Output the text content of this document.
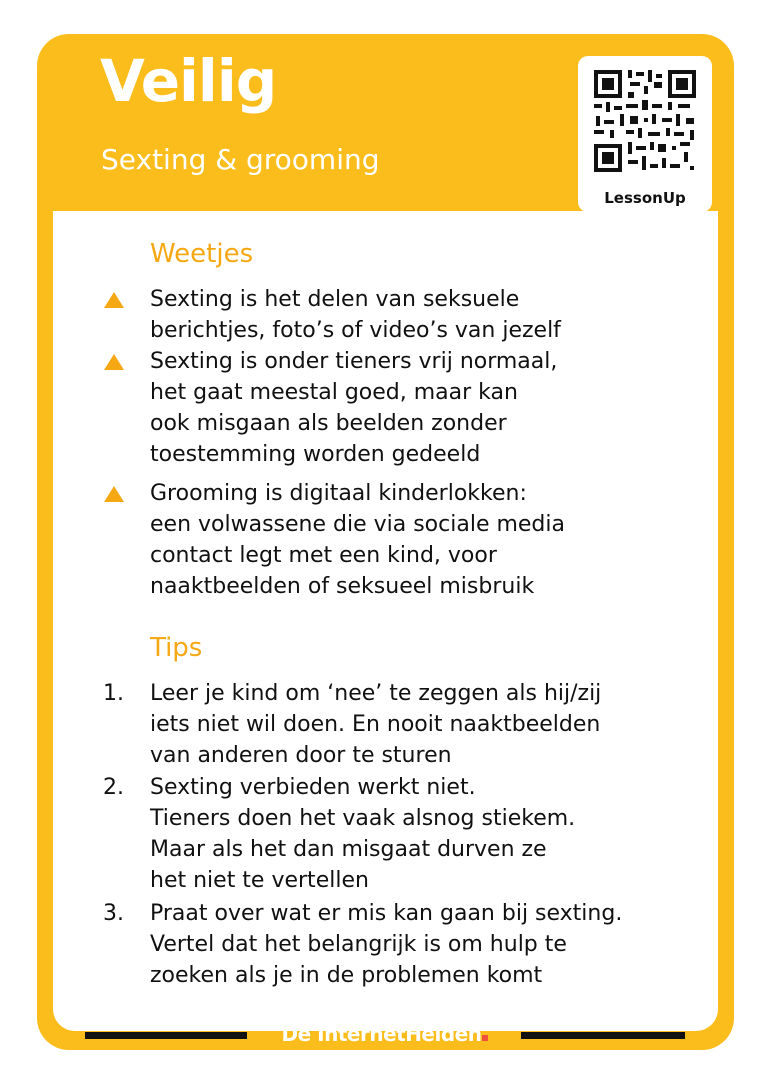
Veilig

Sexting & grooming

LessonUp
Weetjes
Sexting is het delen van seksuele
berichtjes, foto’s of video’s van jezelf
Sexting is onder tieners vrij normaal,
het gaat meestal goed, maar kan
ook misgaan als beelden zonder
toestemming worden gedeeld
Grooming is digitaal kinderlokken:
een volwassene die via sociale media
contact legt met een kind, voor
naaktbeelden of seksueel misbruik
Tips
1. Leer je kind om ‘nee’ te zeggen als hij/zij
iets niet wil doen. En nooit naaktbeelden
van anderen door te sturen
2. Sexting verbieden werkt niet.
Tieners doen het vaak alsnog stiekem.
Maar als het dan misgaat durven ze
het niet te vertellen
3. Praat over wat er mis kan gaan bij sexting.
Vertel dat het belangrijk is om hulp te
zoeken als je in de problemen komt
De InternetHelden
